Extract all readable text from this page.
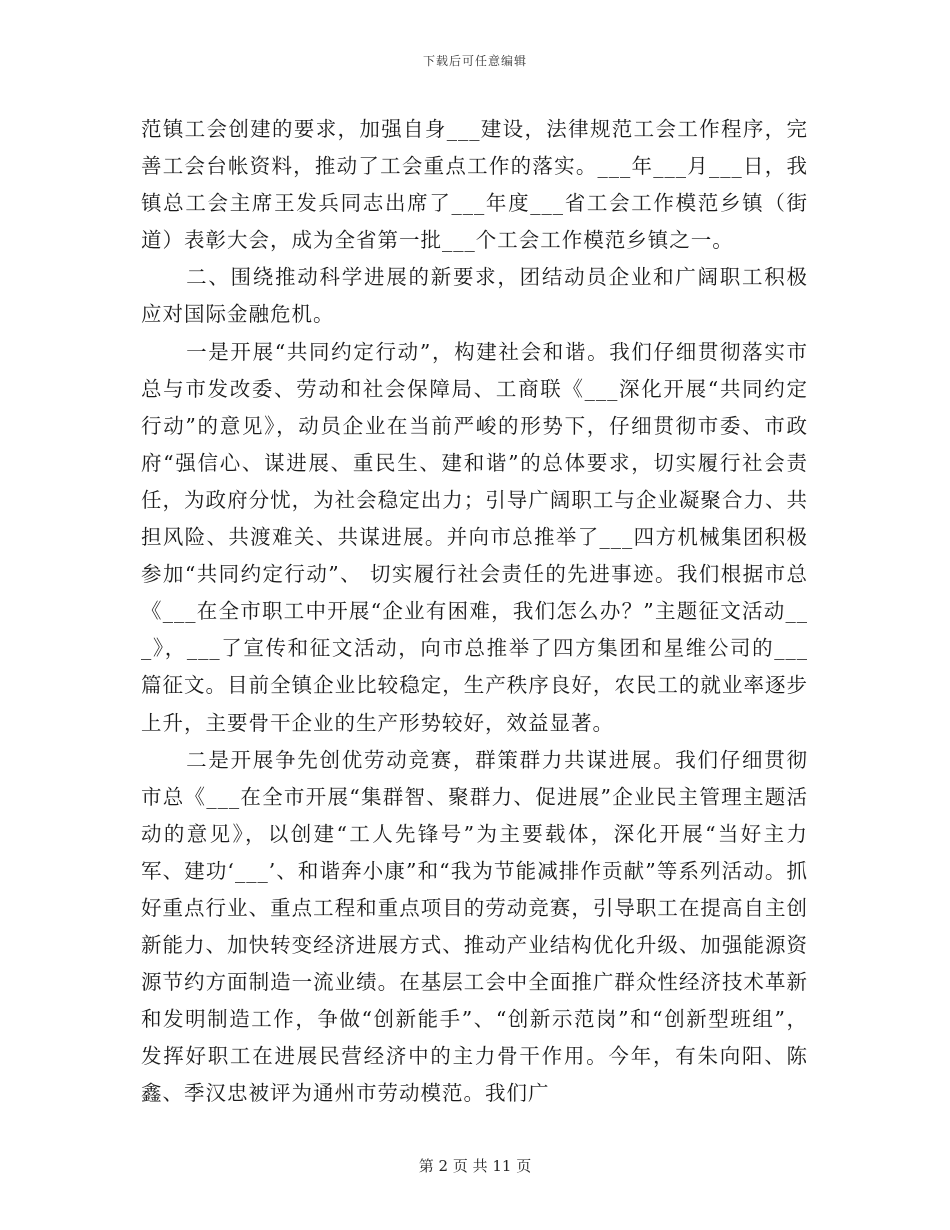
下载后可任意编辑

范镇工会创建的要求，加强自身___建设，法律规范工会工作程序，完善工会台帐资料，推动了工会重点工作的落实。___年___月___日，我镇总工会主席王发兵同志出席了___年度___省工会工作模范乡镇（街道）表彰大会，成为全省第一批___个工会工作模范乡镇之一。

二、围绕推动科学进展的新要求，团结动员企业和广阔职工积极应对国际金融危机。

一是开展“共同约定行动”，构建社会和谐。我们仔细贯彻落实市总与市发改委、劳动和社会保障局、工商联《___深化开展“共同约定行动”的意见》，动员企业在当前严峻的形势下，仔细贯彻市委、市政府“强信心、谋进展、重民生、建和谐”的总体要求，切实履行社会责任，为政府分忧，为社会稳定出力；引导广阔职工与企业凝聚合力、共担风险、共渡难关、共谋进展。并向市总推举了___四方机械集团积极参加“共同约定行动”、 切实履行社会责任的先进事迹。我们根据市总《___在全市职工中开展“企业有困难，我们怎么办？”主题征文活动___》，___了宣传和征文活动，向市总推举了四方集团和星维公司的___篇征文。目前全镇企业比较稳定，生产秩序良好，农民工的就业率逐步上升，主要骨干企业的生产形势较好，效益显著。

二是开展争先创优劳动竞赛，群策群力共谋进展。我们仔细贯彻市总《___在全市开展“集群智、聚群力、促进展”企业民主管理主题活动的意见》，以创建“工人先锋号”为主要载体，深化开展“当好主力军、建功‘___’、和谐奔小康”和“我为节能减排作贡献”等系列活动。抓好重点行业、重点工程和重点项目的劳动竞赛，引导职工在提高自主创新能力、加快转变经济进展方式、推动产业结构优化升级、加强能源资源节约方面制造一流业绩。在基层工会中全面推广群众性经济技术革新和发明制造工作，争做“创新能手”、“创新示范岗”和“创新型班组”，发挥好职工在进展民营经济中的主力骨干作用。今年，有朱向阳、陈鑫、季汉忠被评为通州市劳动模范。我们广

第 2 页 共 11 页
